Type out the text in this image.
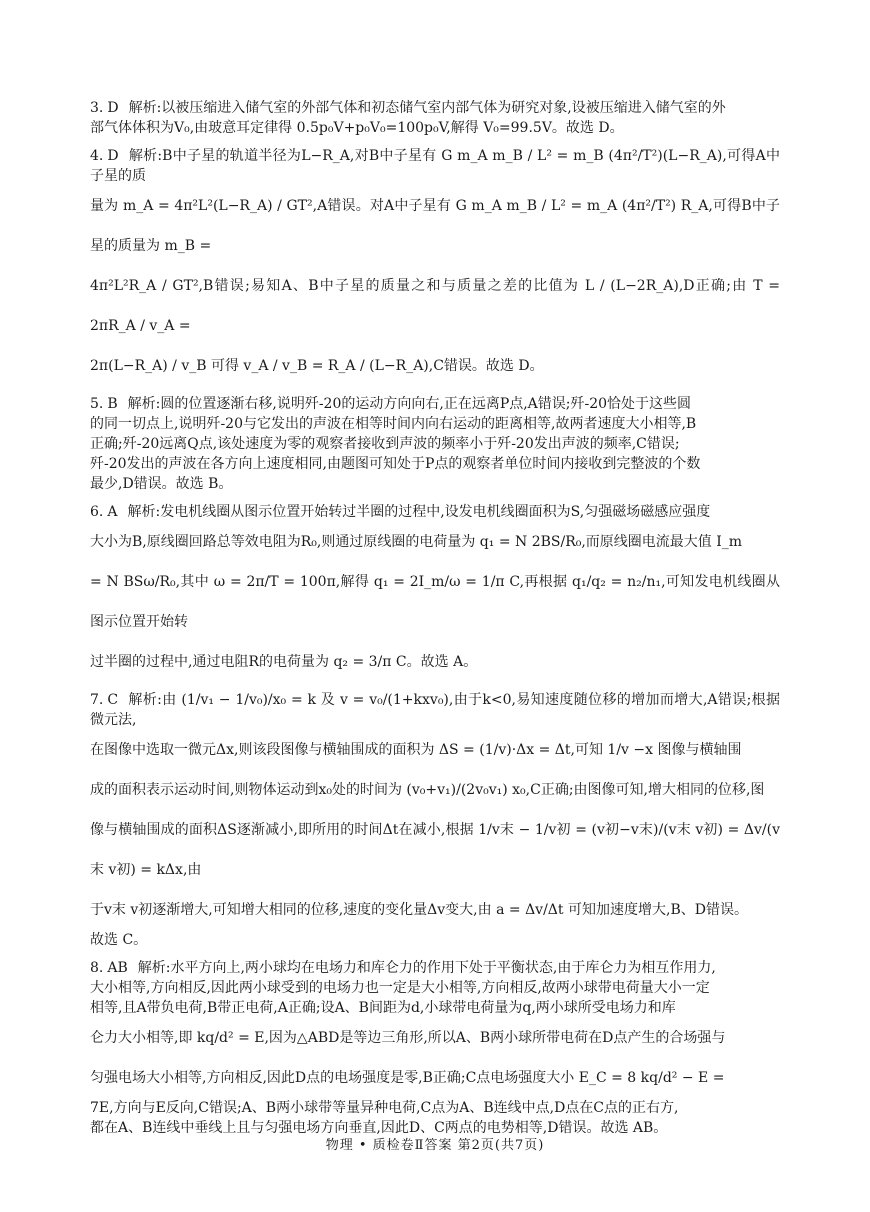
3. D 解析:以被压缩进入储气室的外部气体和初态储气室内部气体为研究对象,设被压缩进入储气室的外
部气体体积为V₀,由玻意耳定律得 0.5p₀V+p₀V₀=100p₀V,解得 V₀=99.5V。故选 D。
4. D 解析:B中子星的轨道半径为L−R_A,对B中子星有 G m_A m_B / L² = m_B (4π²/T²)(L−R_A),可得A中子星的质
量为 m_A = 4π²L²(L−R_A) / GT²,A错误。对A中子星有 G m_A m_B / L² = m_A (4π²/T²) R_A,可得B中子星的质量为 m_B =
4π²L²R_A / GT²,B错误;易知A、B中子星的质量之和与质量之差的比值为 L / (L−2R_A),D正确;由 T = 2πR_A / v_A =
2π(L−R_A) / v_B 可得 v_A / v_B = R_A / (L−R_A),C错误。故选 D。
5. B 解析:圆的位置逐渐右移,说明歼-20的运动方向向右,正在远离P点,A错误;歼-20恰处于这些圆
的同一切点上,说明歼-20与它发出的声波在相等时间内向右运动的距离相等,故两者速度大小相等,B
正确;歼-20远离Q点,该处速度为零的观察者接收到声波的频率小于歼-20发出声波的频率,C错误;
歼-20发出的声波在各方向上速度相同,由题图可知处于P点的观察者单位时间内接收到完整波的个数
最少,D错误。故选 B。
6. A 解析:发电机线圈从图示位置开始转过半圈的过程中,设发电机线圈面积为S,匀强磁场磁感应强度
大小为B,原线圈回路总等效电阻为R₀,则通过原线圈的电荷量为 q₁ = N 2BS/R₀,而原线圈电流最大值 I_m
= N BSω/R₀,其中 ω = 2π/T = 100π,解得 q₁ = 2I_m/ω = 1/π C,再根据 q₁/q₂ = n₂/n₁,可知发电机线圈从图示位置开始转
过半圈的过程中,通过电阻R的电荷量为 q₂ = 3/π C。故选 A。
7. C 解析:由 (1/v₁ − 1/v₀)/x₀ = k 及 v = v₀/(1+kxv₀),由于k<0,易知速度随位移的增加而增大,A错误;根据微元法,
在图像中选取一微元Δx,则该段图像与横轴围成的面积为 ΔS = (1/v)·Δx = Δt,可知 1/v −x 图像与横轴围
成的面积表示运动时间,则物体运动到x₀处的时间为 (v₀+v₁)/(2v₀v₁) x₀,C正确;由图像可知,增大相同的位移,图
像与横轴围成的面积ΔS逐渐减小,即所用的时间Δt在减小,根据 1/v末 − 1/v初 = (v初−v末)/(v末 v初) = Δv/(v末 v初) = kΔx,由
于v末 v初逐渐增大,可知增大相同的位移,速度的变化量Δv变大,由 a = Δv/Δt 可知加速度增大,B、D错误。
故选 C。
8. AB 解析:水平方向上,两小球均在电场力和库仑力的作用下处于平衡状态,由于库仑力为相互作用力,
大小相等,方向相反,因此两小球受到的电场力也一定是大小相等,方向相反,故两小球带电荷量大小一定
相等,且A带负电荷,B带正电荷,A正确;设A、B间距为d,小球带电荷量为q,两小球所受电场力和库
仑力大小相等,即 kq/d² = E,因为△ABD是等边三角形,所以A、B两小球所带电荷在D点产生的合场强与
匀强电场大小相等,方向相反,因此D点的电场强度是零,B正确;C点电场强度大小 E_C = 8 kq/d² − E =
7E,方向与E反向,C错误;A、B两小球带等量异种电荷,C点为A、B连线中点,D点在C点的正右方,
都在A、B连线中垂线上且与匀强电场方向垂直,因此D、C两点的电势相等,D错误。故选 AB。
物理 • 质检卷Ⅱ答案 第2页(共7页)
